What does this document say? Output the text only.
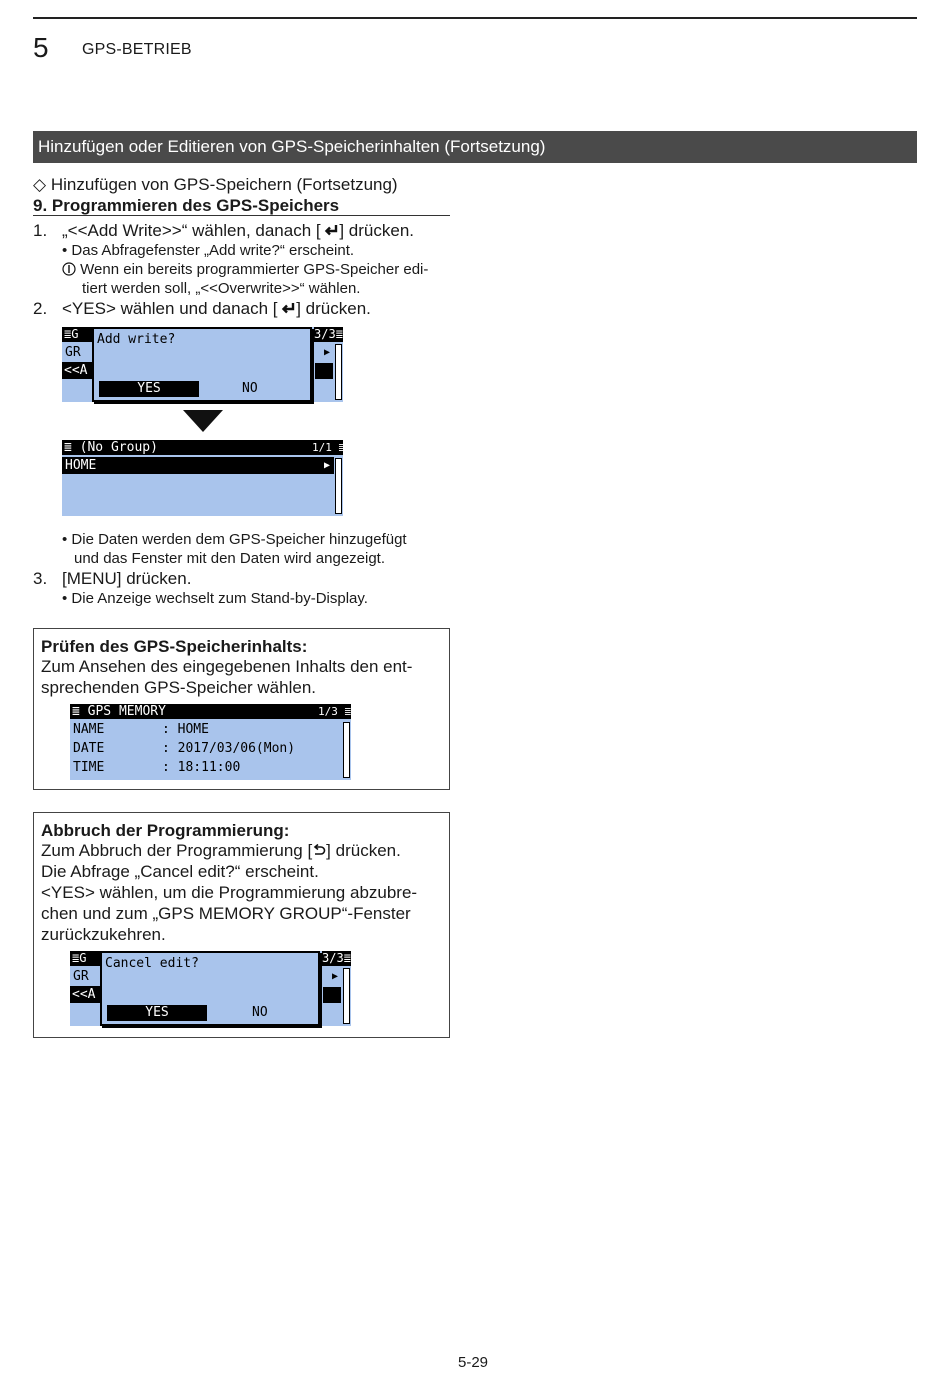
5 GPS-BETRIEB
Hinzufügen oder Editieren von GPS-Speicherinhalten (Fortsetzung)
◇ Hinzufügen von GPS-Speichern (Fortsetzung)
9. Programmieren des GPS-Speichers
1. „<<Add Write>>“ wählen, danach [ ] drücken.
• Das Abfragefenster „Add write?“ erscheint.
Wenn ein bereits programmierter GPS-Speicher edi-
tiert werden soll, „<<Overwrite>>“ wählen.
2. <YES> wählen und danach [ ] drücken.
≣G	3/3≣
GR
<<A
▶
Add write?
YES	NO
≣ (No Group)	1/1 ≣
HOME	▶
• Die Daten werden dem GPS-Speicher hinzugefügt
und das Fenster mit den Daten wird angezeigt.
3. [MENU] drücken.
• Die Anzeige wechselt zum Stand-by-Display.
Prüfen des GPS-Speicherinhalts:
Zum Ansehen des eingegebenen Inhalts den ent-
sprechenden GPS-Speicher wählen.
≣ GPS MEMORY	1/3 ≣
NAME	: HOME
DATE	: 2017/03/06(Mon)
TIME	: 18:11:00
Abbruch der Programmierung:
Zum Abbruch der Programmierung [ ] drücken.
Die Abfrage „Cancel edit?“ erscheint.
<YES> wählen, um die Programmierung abzubre-
chen und zum „GPS MEMORY GROUP“-Fenster
zurückzukehren.
≣G	3/3≣
GR
<<A
▶
Cancel edit?
YES	NO
5-29
